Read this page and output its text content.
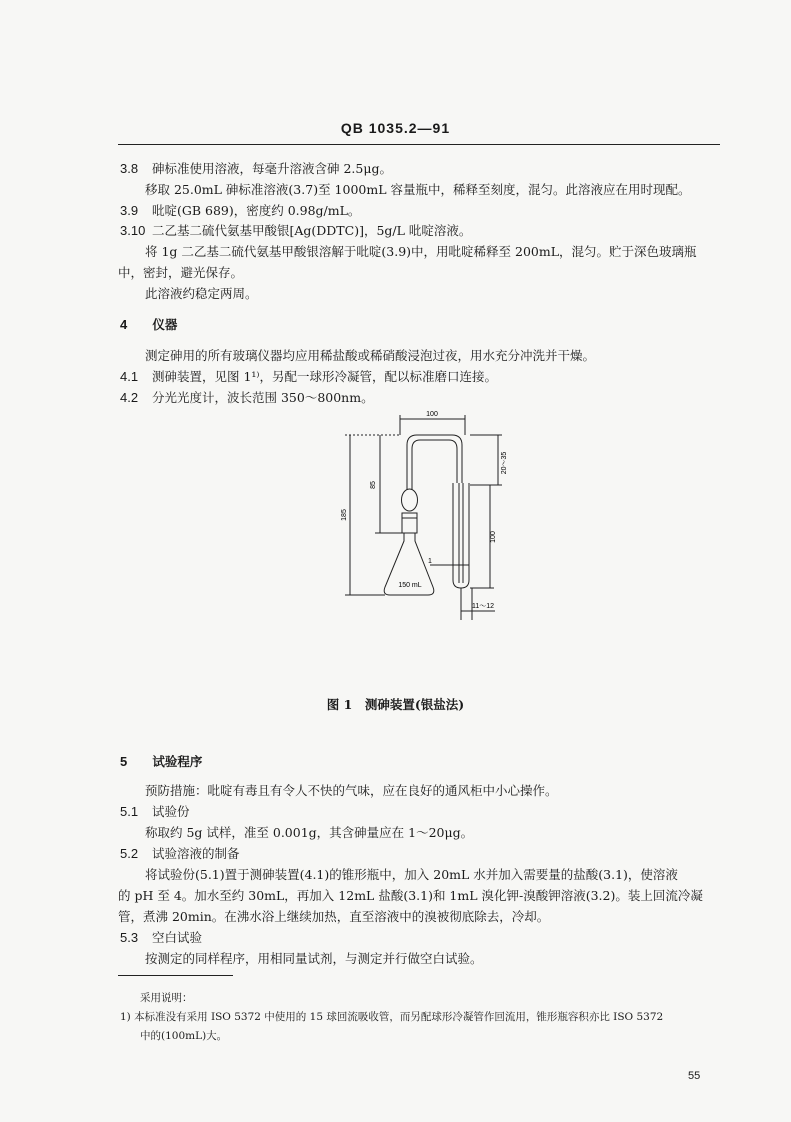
QB 1035.2—91
3.8 砷标准使用溶液，每毫升溶液含砷 2.5μg。
移取 25.0mL 砷标准溶液(3.7)至 1000mL 容量瓶中，稀释至刻度，混匀。此溶液应在用时现配。
3.9 吡啶(GB 689)，密度约 0.98g/mL。
3.10 二乙基二硫代氨基甲酸银[Ag(DDTC)]，5g/L 吡啶溶液。
将 1g 二乙基二硫代氨基甲酸银溶解于吡啶(3.9)中，用吡啶稀释至 200mL，混匀。贮于深色玻璃瓶
中，密封，避光保存。
此溶液约稳定两周。
4 仪器
测定砷用的所有玻璃仪器均应用稀盐酸或稀硝酸浸泡过夜，用水充分冲洗并干燥。
4.1 测砷装置，见图 1¹⁾，另配一球形冷凝管，配以标准磨口连接。
4.2 分光光度计，波长范围 350～800nm。
100
20～35
85
185
100
11～12
1
150 mL
图 1　测砷装置(银盐法)
5 试验程序
预防措施：吡啶有毒且有令人不快的气味，应在良好的通风柜中小心操作。
5.1 试验份
称取约 5g 试样，准至 0.001g，其含砷量应在 1～20μg。
5.2 试验溶液的制备
将试验份(5.1)置于测砷装置(4.1)的锥形瓶中，加入 20mL 水并加入需要量的盐酸(3.1)，使溶液
的 pH 至 4。加水至约 30mL，再加入 12mL 盐酸(3.1)和 1mL 溴化钾-溴酸钾溶液(3.2)。装上回流冷凝
管，煮沸 20min。在沸水浴上继续加热，直至溶液中的溴被彻底除去，冷却。
5.3 空白试验
按测定的同样程序，用相同量试剂，与测定并行做空白试验。
采用说明：
1) 本标准没有采用 ISO 5372 中使用的 15 球回流吸收管，而另配球形冷凝管作回流用，锥形瓶容积亦比 ISO 5372
中的(100mL)大。
55
